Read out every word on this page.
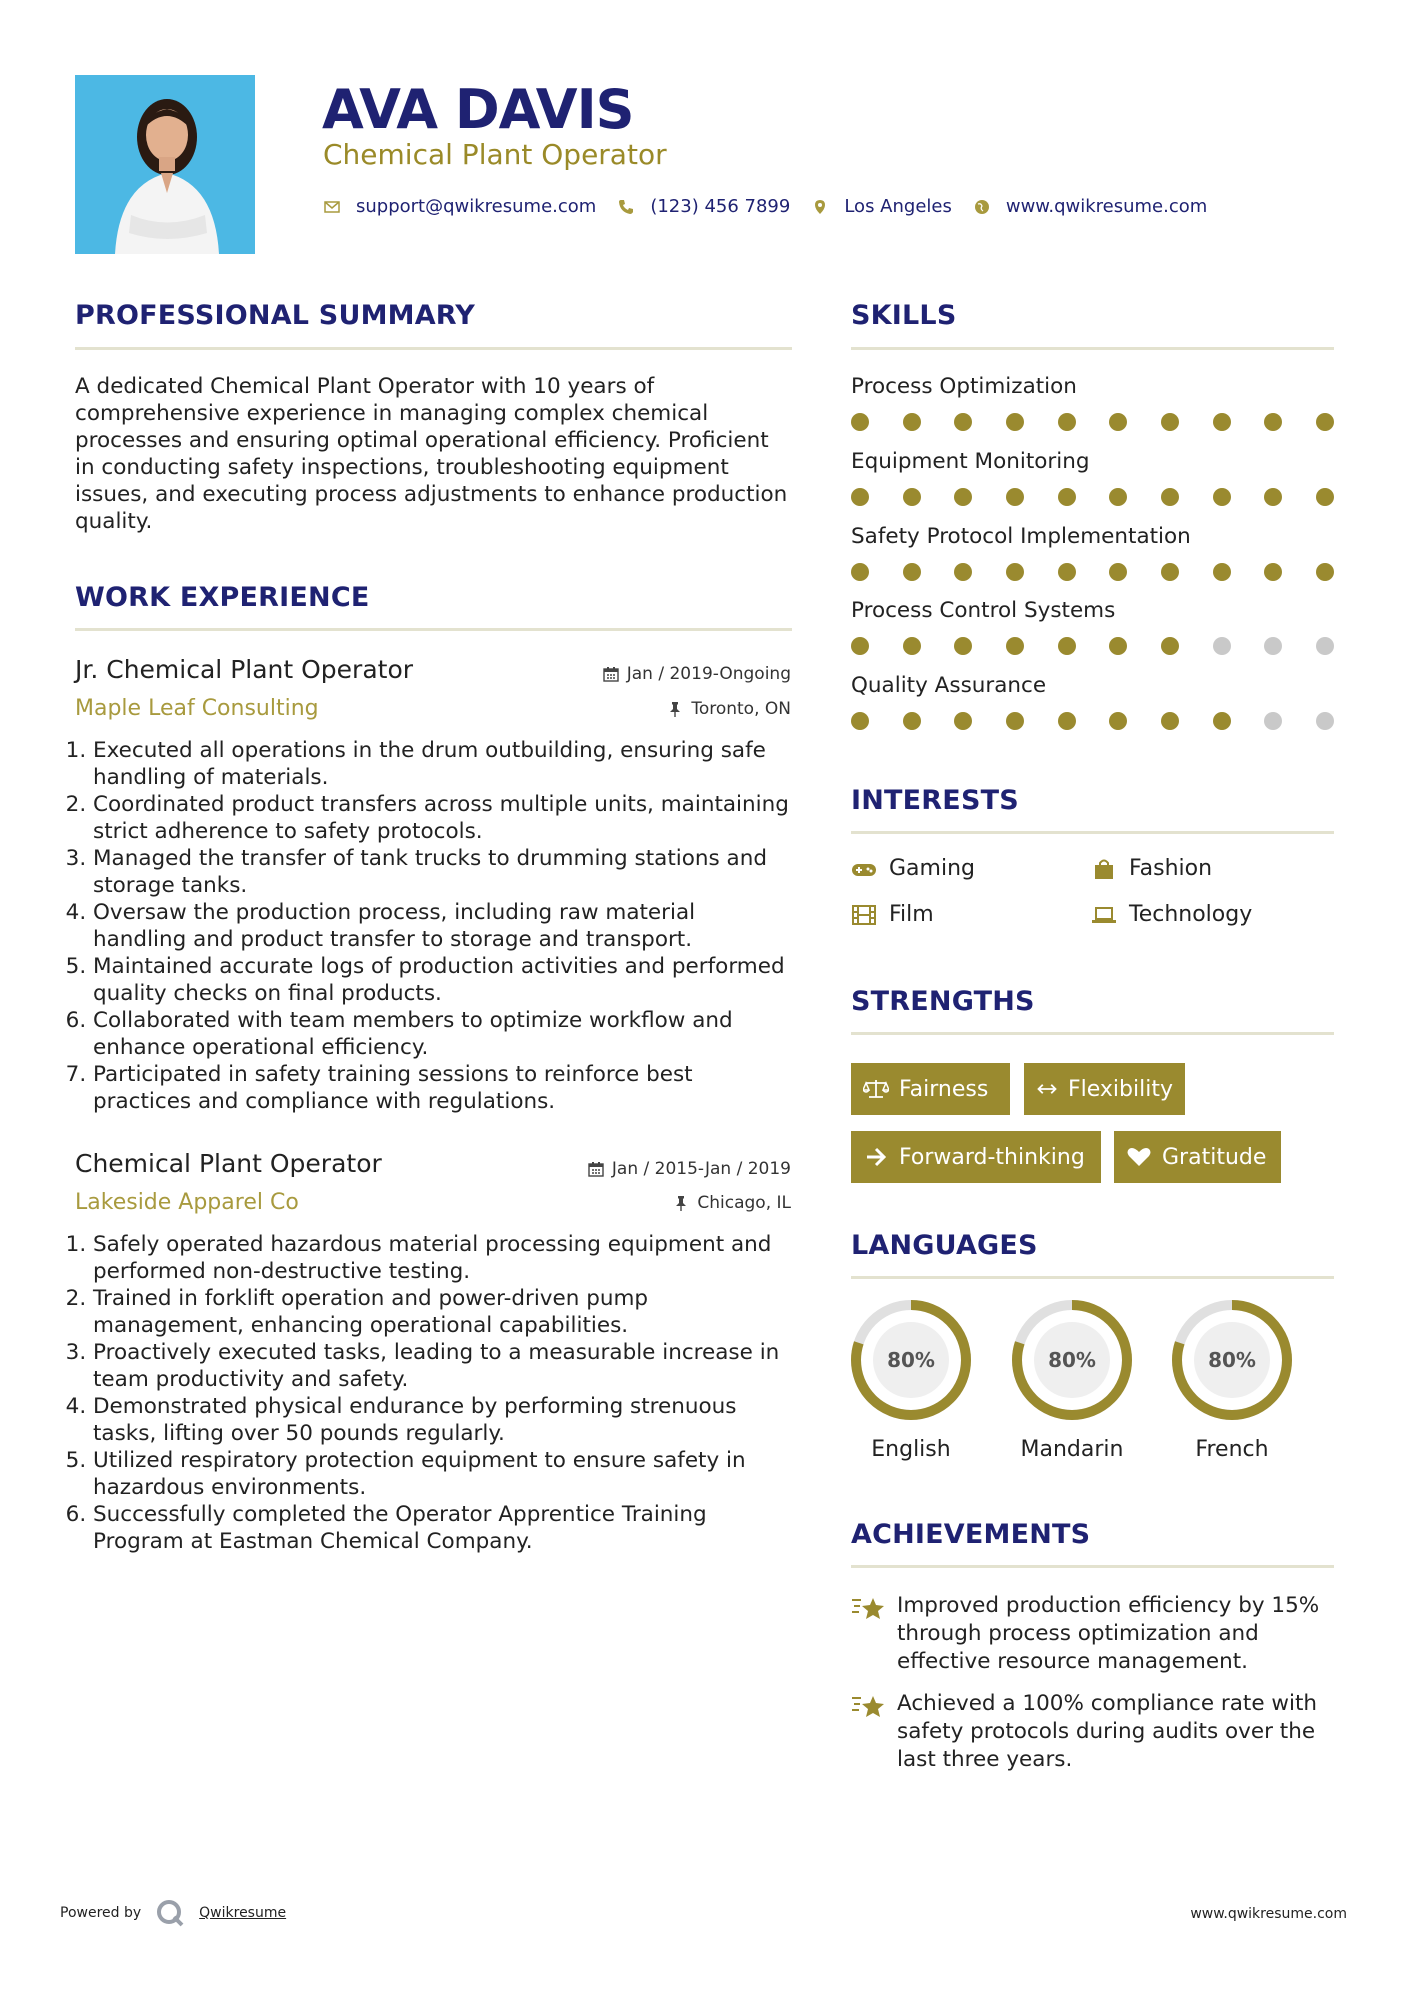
AVA DAVIS
Chemical Plant Operator
support@qwikresume.com	(123) 456 7899	Los Angeles	www.qwikresume.com
PROFESSIONAL SUMMARY
A dedicated Chemical Plant Operator with 10 years of comprehensive experience in managing complex chemical processes and ensuring optimal operational efficiency. Proficient in conducting safety inspections, troubleshooting equipment issues, and executing process adjustments to enhance production quality.
WORK EXPERIENCE
Jr. Chemical Plant Operator
Maple Leaf Consulting
Jan / 2019-Ongoing
Toronto, ON
1. Executed all operations in the drum outbuilding, ensuring safe handling of materials.
2. Coordinated product transfers across multiple units, maintaining strict adherence to safety protocols.
3. Managed the transfer of tank trucks to drumming stations and storage tanks.
4. Oversaw the production process, including raw material handling and product transfer to storage and transport.
5. Maintained accurate logs of production activities and performed quality checks on final products.
6. Collaborated with team members to optimize workflow and enhance operational efficiency.
7. Participated in safety training sessions to reinforce best practices and compliance with regulations.
Chemical Plant Operator
Lakeside Apparel Co
Jan / 2015-Jan / 2019
Chicago, IL
1. Safely operated hazardous material processing equipment and performed non-destructive testing.
2. Trained in forklift operation and power-driven pump management, enhancing operational capabilities.
3. Proactively executed tasks, leading to a measurable increase in team productivity and safety.
4. Demonstrated physical endurance by performing strenuous tasks, lifting over 50 pounds regularly.
5. Utilized respiratory protection equipment to ensure safety in hazardous environments.
6. Successfully completed the Operator Apprentice Training Program at Eastman Chemical Company.
SKILLS
Process Optimization
Equipment Monitoring
Safety Protocol Implementation
Process Control Systems
Quality Assurance
INTERESTS
Gaming	Fashion
Film	Technology
STRENGTHS
Fairness	Flexibility
Forward-thinking	Gratitude
LANGUAGES
80%
English
80%
Mandarin
80%
French
ACHIEVEMENTS
Improved production efficiency by 15% through process optimization and effective resource management.
Achieved a 100% compliance rate with safety protocols during audits over the last three years.
Powered by	Qwikresume	www.qwikresume.com
